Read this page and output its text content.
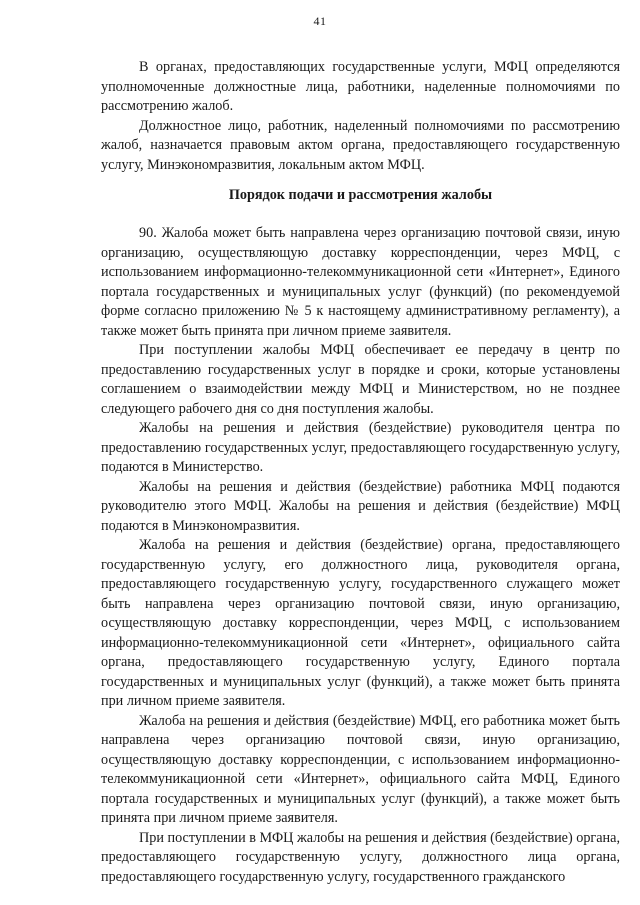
41

В органах, предоставляющих государственные услуги, МФЦ определяются уполномоченные должностные лица, работники, наделенные полномочиями по рассмотрению жалоб.

Должностное лицо, работник, наделенный полномочиями по рассмотрению жалоб, назначается правовым актом органа, предоставляющего государственную услугу, Минэкономразвития, локальным актом МФЦ.

Порядок подачи и рассмотрения жалобы

90. Жалоба может быть направлена через организацию почтовой связи, иную организацию, осуществляющую доставку корреспонденции, через МФЦ, с использованием информационно-телекоммуникационной сети «Интернет», Единого портала государственных и муниципальных услуг (функций) (по рекомендуемой форме согласно приложению № 5 к настоящему административному регламенту), а также может быть принята при личном приеме заявителя.

При поступлении жалобы МФЦ обеспечивает ее передачу в центр по предоставлению государственных услуг в порядке и сроки, которые установлены соглашением о взаимодействии между МФЦ и Министерством, но не позднее следующего рабочего дня со дня поступления жалобы.

Жалобы на решения и действия (бездействие) руководителя центра по предоставлению государственных услуг, предоставляющего государственную услугу, подаются в Министерство.

Жалобы на решения и действия (бездействие) работника МФЦ подаются руководителю этого МФЦ. Жалобы на решения и действия (бездействие) МФЦ подаются в Минэкономразвития.

Жалоба на решения и действия (бездействие) органа, предоставляющего государственную услугу, его должностного лица, руководителя органа, предоставляющего государственную услугу, государственного служащего может быть направлена через организацию почтовой связи, иную организацию, осуществляющую доставку корреспонденции, через МФЦ, с использованием информационно-телекоммуникационной сети «Интернет», официального сайта органа, предоставляющего государственную услугу, Единого портала государственных и муниципальных услуг (функций), а также может быть принята при личном приеме заявителя.

Жалоба на решения и действия (бездействие) МФЦ, его работника может быть направлена через организацию почтовой связи, иную организацию, осуществляющую доставку корреспонденции, с использованием информационно-телекоммуникационной сети «Интернет», официального сайта МФЦ, Единого портала государственных и муниципальных услуг (функций), а также может быть принята при личном приеме заявителя.

При поступлении в МФЦ жалобы на решения и действия (бездействие) органа, предоставляющего государственную услугу, должностного лица органа, предоставляющего государственную услугу, государственного гражданского
